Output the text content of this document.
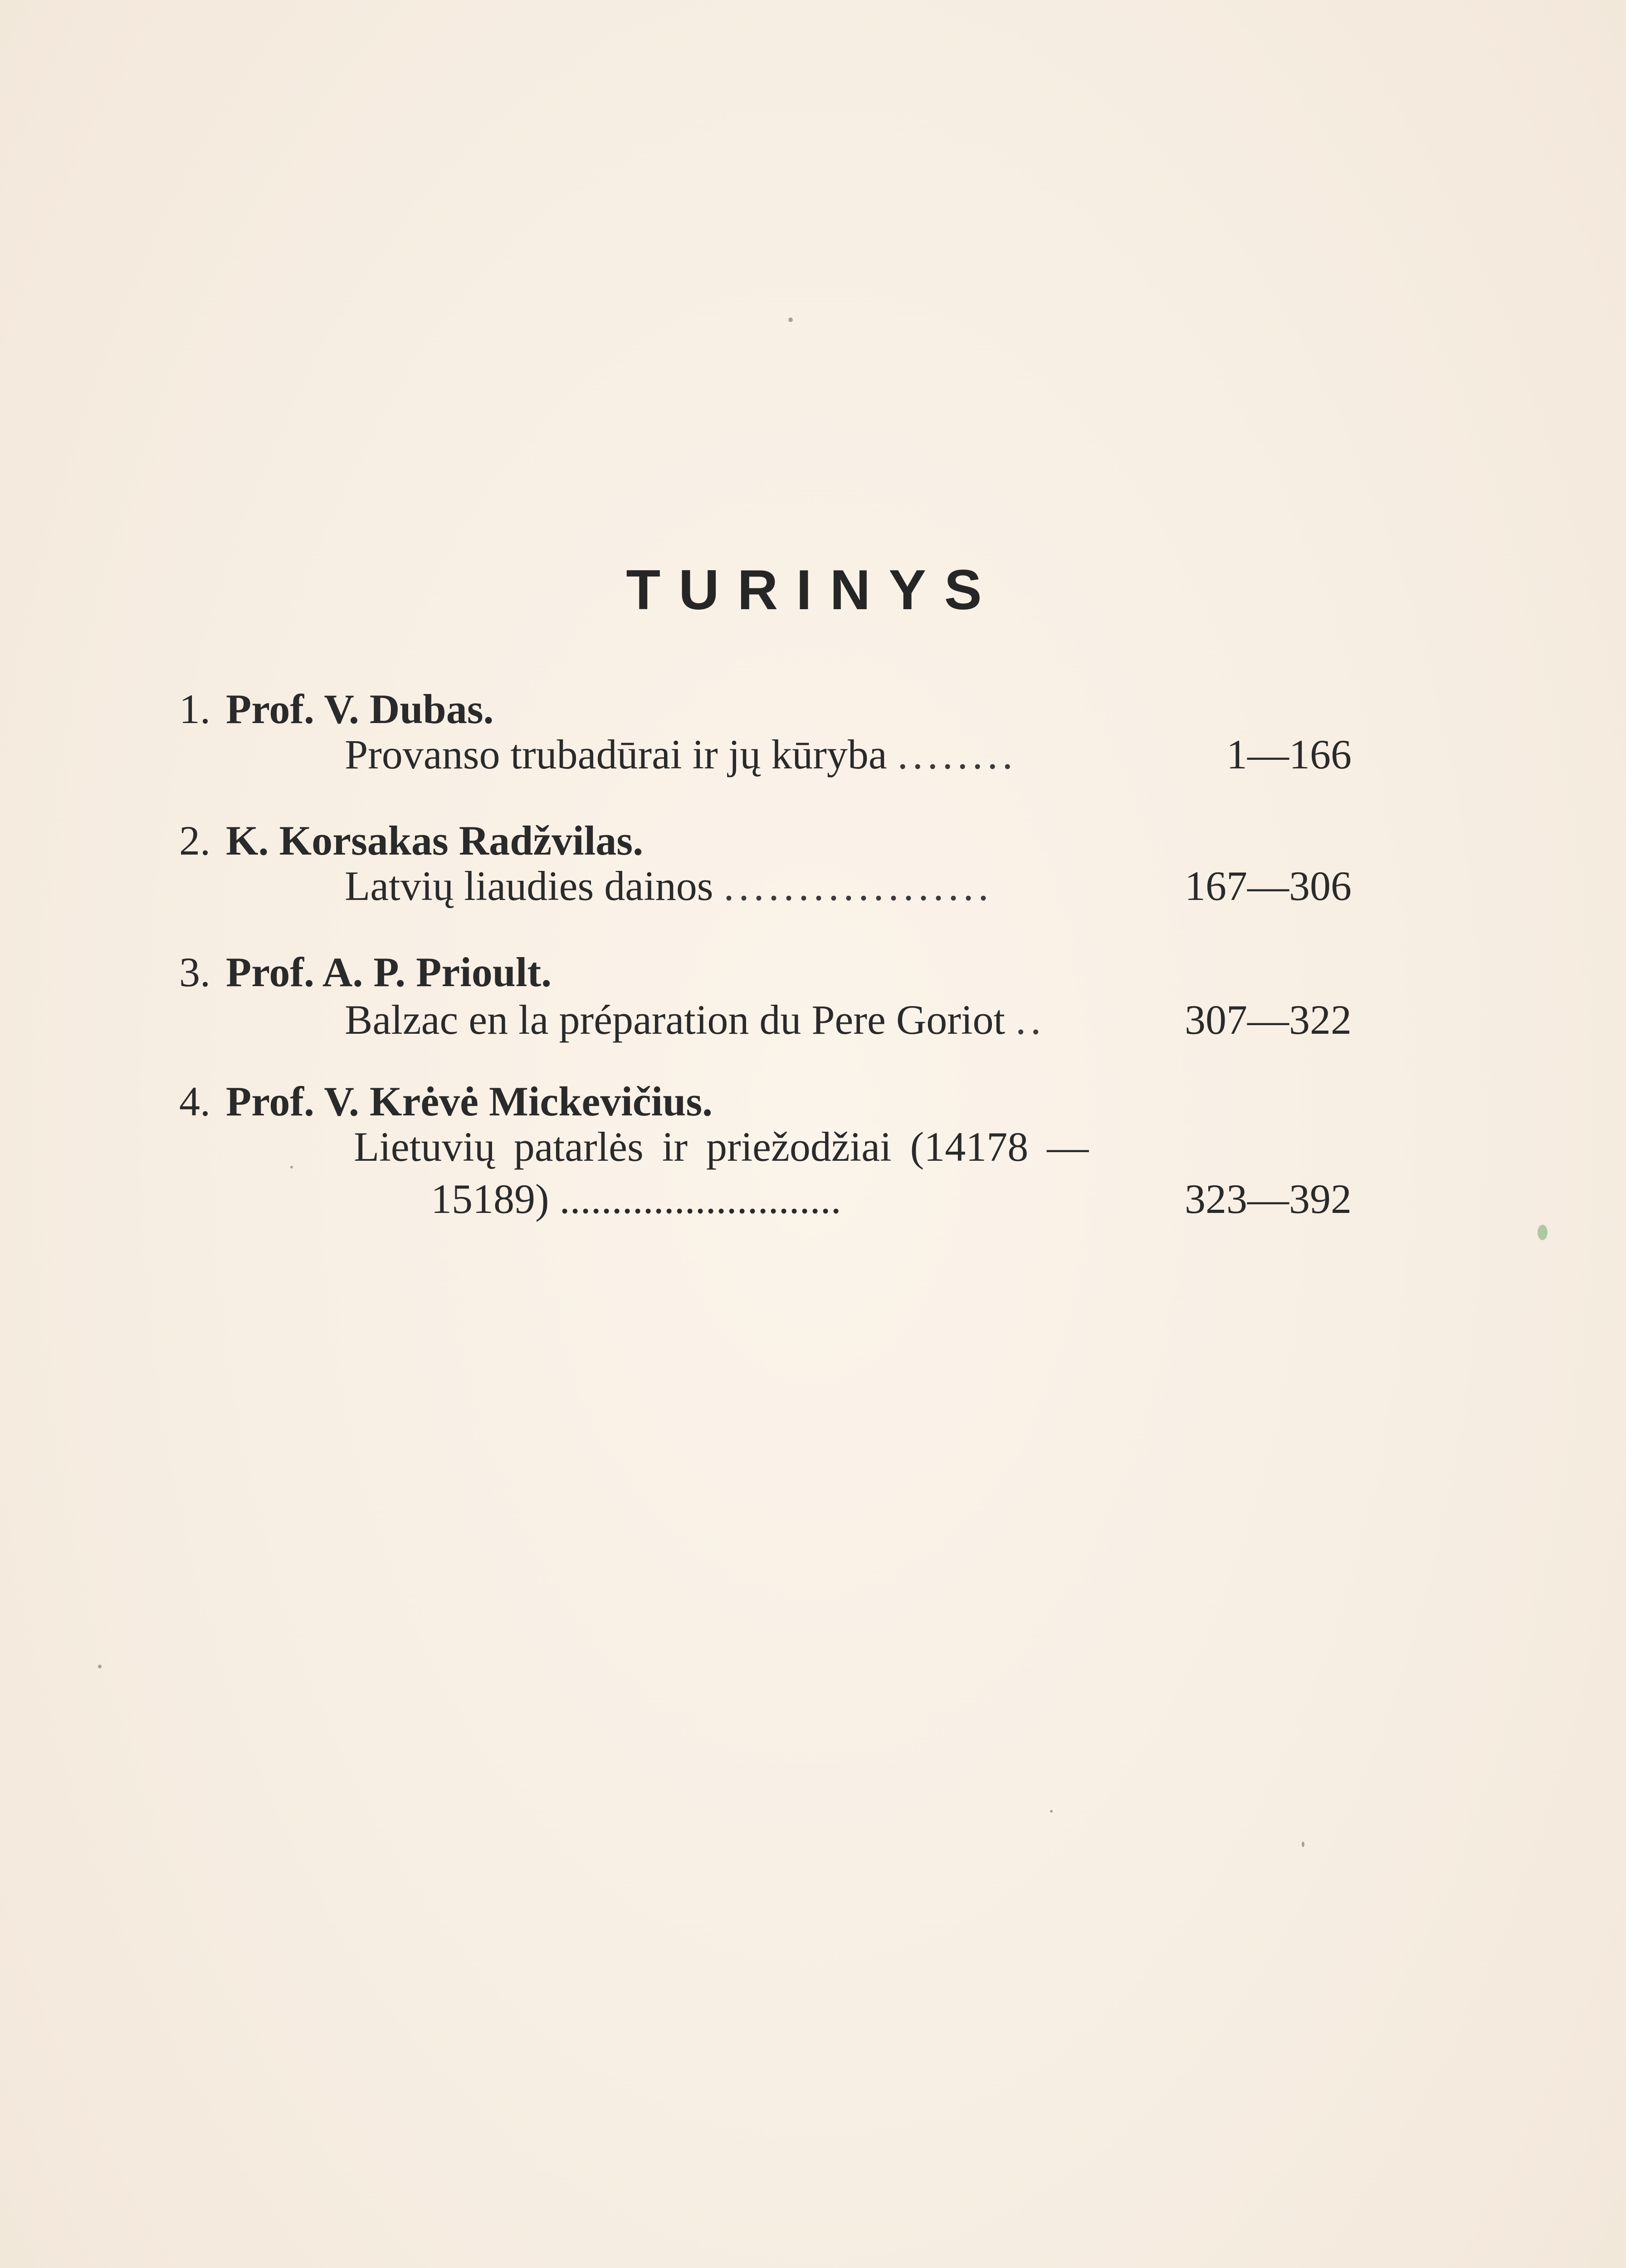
TURINYS
1. Prof. V. Dubas.
Provanso trubadūrai ir jų kūryba ........	1—166
2. K. Korsakas Radžvilas.
Latvių liaudies dainos ..................	167—306
3. Prof. A. P. Prioult.
Balzac en la préparation du Pere Goriot ..	307—322
4. Prof. V. Krėvė Mickevičius.
Lietuvių patarlės ir priežodžiai (14178 —
15189) ...........................	323—392
